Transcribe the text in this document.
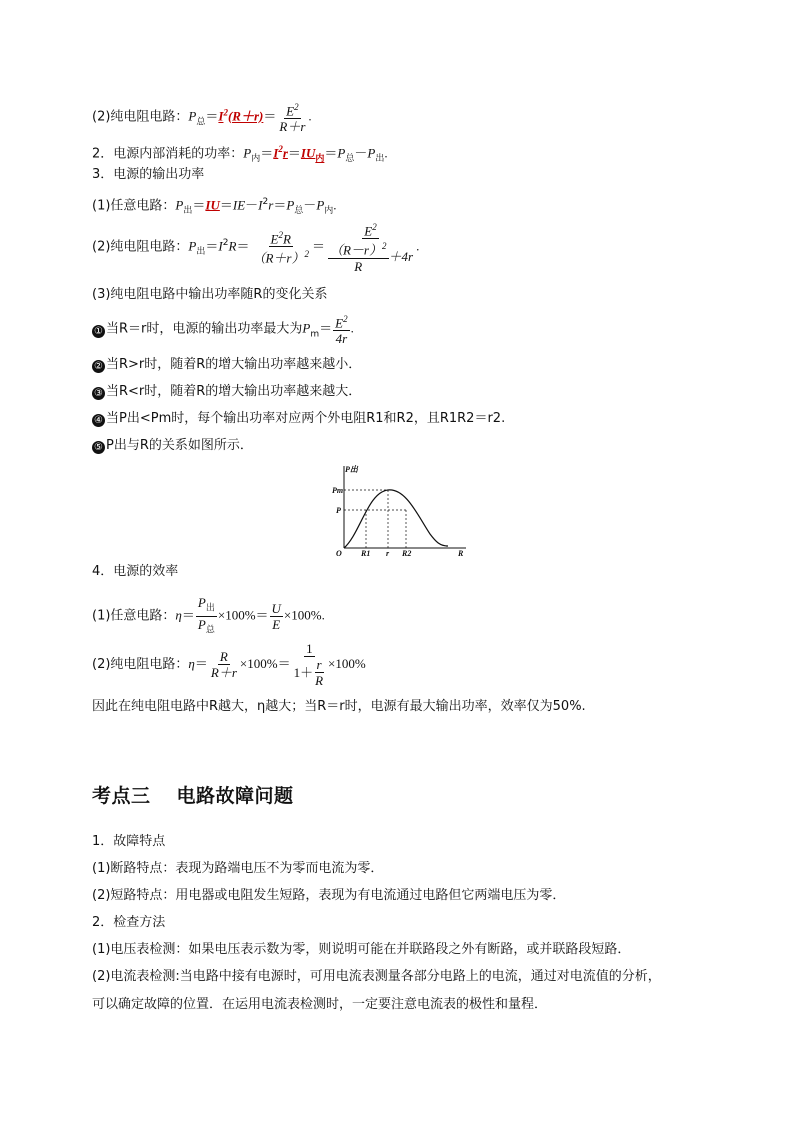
(2)纯电阻电路：$P_总=I^2(R+r)= \frac{E^2}{R+r}$ .
2．电源内部消耗的功率：$P_内=I^2r=IU_内=P_总-P_出$.
3．电源的输出功率
(1)任意电路：$P_出=IU=IE-I^2r=P_总-P_内$.
(2)纯电阻电路：$P_出=I^2R= \frac{E^2R}{(R+r)^2} = \frac{E^2}{\frac{(R-r)^2}{R} +4r}$ .
(3)纯电阻电路中输出功率随R的变化关系
① 当R＝r时，电源的输出功率最大为$P_m= \frac{E^2}{4r}$ .
② 当R>r时，随着R的增大输出功率越来越小．
③ 当R<r时，随着R的增大输出功率越来越大．
④ 当P出<Pm时，每个输出功率对应两个外电阻R1和R2，且R1R2＝r2.
⑤ P出与R的关系如图所示．
P出
Pm
P
O R1 r R2	R
4．电源的效率
(1)任意电路：$\eta= \frac{P_出}{P_总} \times 100\%= \frac{U}{E} \times 100\%$.
(2)纯电阻电路：$\eta= \frac{R}{R+r} \times 100\%= \frac{1}{1+ \frac{r}{R}} \times 100\%$
因此在纯电阻电路中R越大，η越大；当R＝r时，电源有最大输出功率，效率仅为50%.
考点三 电路故障问题
1．故障特点
(1)断路特点：表现为路端电压不为零而电流为零．
(2)短路特点：用电器或电阻发生短路，表现为有电流通过电路但它两端电压为零．
2．检查方法
(1)电压表检测：如果电压表示数为零，则说明可能在并联路段之外有断路，或并联路段短路．
(2)电流表检测:当电路中接有电源时，可用电流表测量各部分电路上的电流，通过对电流值的分析，
可以确定故障的位置．在运用电流表检测时，一定要注意电流表的极性和量程．
